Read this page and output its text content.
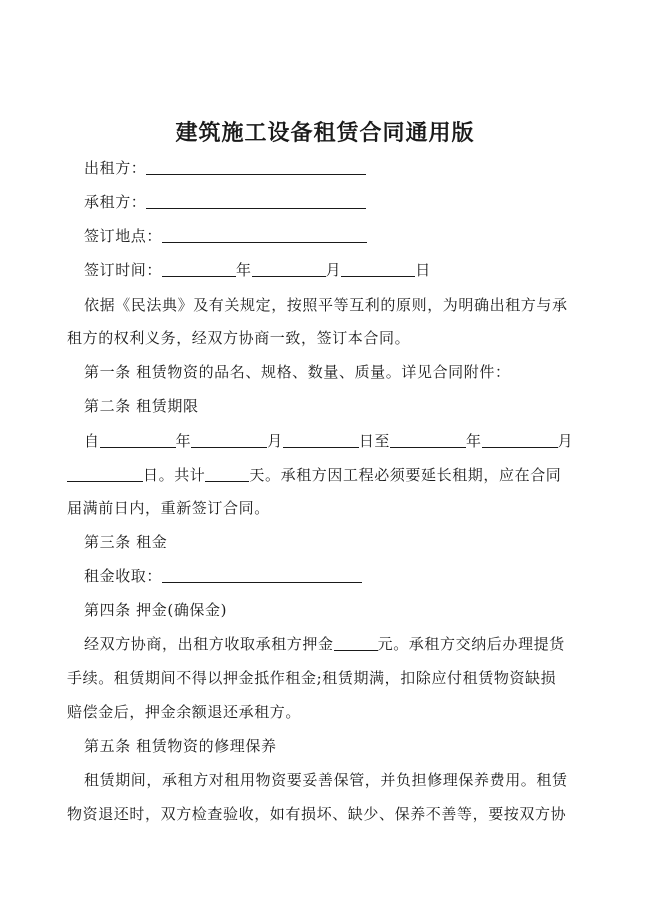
建筑施工设备租赁合同通用版
出租方：
承租方：
签订地点：
签订时间：	年	月	日
依据《民法典》及有关规定，按照平等互利的原则，为明确出租方与承
租方的权利义务，经双方协商一致，签订本合同。
第一条 租赁物资的品名、规格、数量、质量。详见合同附件：
第二条 租赁期限
自	年	月	日至	年	月
日。共计	天。承租方因工程必须要延长租期，应在合同
届满前日内，重新签订合同。
第三条 租金
租金收取：
第四条 押金(确保金)
经双方协商，出租方收取承租方押金	元。承租方交纳后办理提货
手续。租赁期间不得以押金抵作租金;租赁期满，扣除应付租赁物资缺损
赔偿金后，押金余额退还承租方。
第五条 租赁物资的修理保养
租赁期间，承租方对租用物资要妥善保管，并负担修理保养费用。租赁
物资退还时，双方检查验收，如有损坏、缺少、保养不善等，要按双方协
